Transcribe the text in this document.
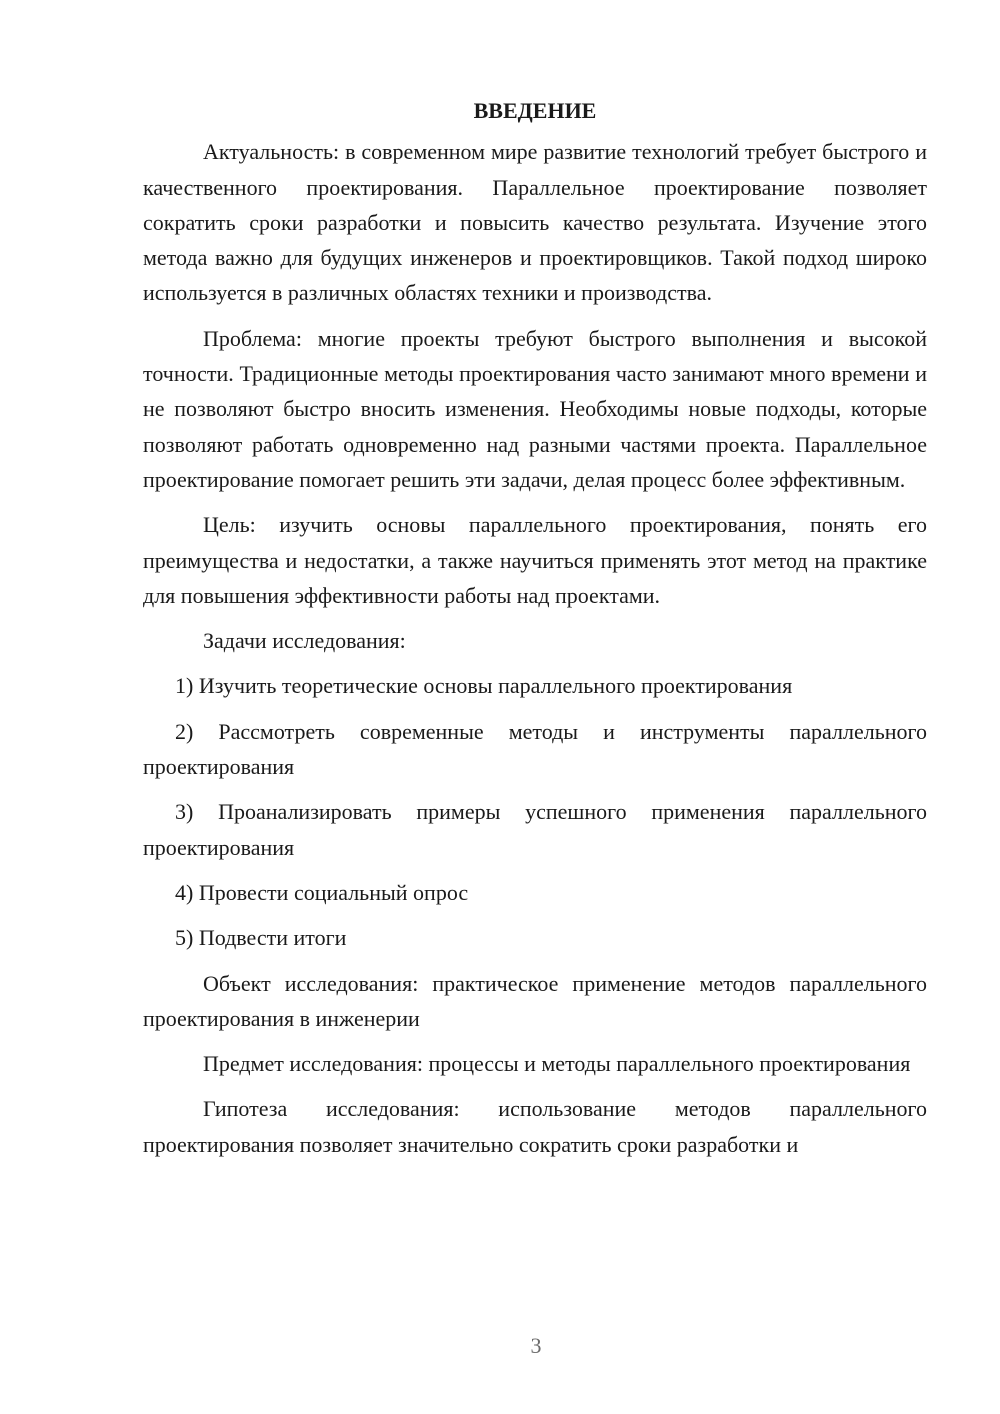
ВВЕДЕНИЕ

Актуальность: в современном мире развитие технологий требует быстрого и качественного проектирования. Параллельное проектирование позволяет сократить сроки разработки и повысить качество результата. Изучение этого метода важно для будущих инженеров и проектировщиков. Такой подход широко используется в различных областях техники и производства.

Проблема: многие проекты требуют быстрого выполнения и высокой точности. Традиционные методы проектирования часто занимают много времени и не позволяют быстро вносить изменения. Необходимы новые подходы, которые позволяют работать одновременно над разными частями проекта. Параллельное проектирование помогает решить эти задачи, делая процесс более эффективным.

Цель: изучить основы параллельного проектирования, понять его преимущества и недостатки, а также научиться применять этот метод на практике для повышения эффективности работы над проектами.

Задачи исследования:

1) Изучить теоретические основы параллельного проектирования

2) Рассмотреть современные методы и инструменты параллельного проектирования

3) Проанализировать примеры успешного применения параллельного проектирования

4) Провести социальный опрос

5) Подвести итоги

Объект исследования: практическое применение методов параллельного проектирования в инженерии

Предмет исследования: процессы и методы параллельного проектирования

Гипотеза исследования: использование методов параллельного проектирования позволяет значительно сократить сроки разработки и

3
